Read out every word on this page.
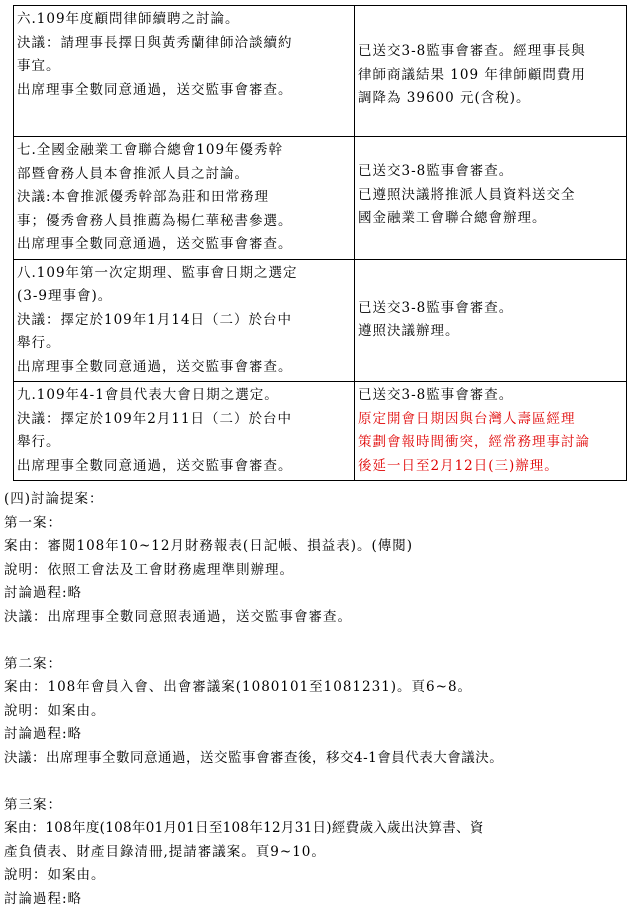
六.109年度顧問律師續聘之討論。
決議：請理事長擇日與黃秀蘭律師洽談續約
事宜。
出席理事全數同意通過，送交監事會審查。	已送交3-8監事會審查。經理事長與
律師商議結果 109 年律師顧問費用
調降為 39600 元(含稅)。

七.全國金融業工會聯合總會109年優秀幹
部暨會務人員本會推派人員之討論。
決議:本會推派優秀幹部為莊和田常務理
事；優秀會務人員推薦為楊仁華秘書參選。
出席理事全數同意通過，送交監事會審查。	已送交3-8監事會審查。
已遵照決議將推派人員資料送交全
國金融業工會聯合總會辦理。

八.109年第一次定期理、監事會日期之選定
(3-9理事會)。
決議：擇定於109年1月14日（二）於台中
舉行。
出席理事全數同意通過，送交監事會審查。	已送交3-8監事會審查。
遵照決議辦理。

九.109年4-1會員代表大會日期之選定。
決議：擇定於109年2月11日（二）於台中
舉行。
出席理事全數同意通過，送交監事會審查。	已送交3-8監事會審查。
原定開會日期因與台灣人壽區經理
策劃會報時間衝突，經常務理事討論
後延一日至2月12日(三)辦理。
(四)討論提案：
第一案：
案由：審閱108年10~12月財務報表(日記帳、損益表)。(傳閱)
說明：依照工會法及工會財務處理準則辦理。
討論過程:略
決議：出席理事全數同意照表通過，送交監事會審查。
第二案：
案由：108年會員入會、出會審議案(1080101至1081231)。頁6~8。
說明：如案由。
討論過程:略
決議：出席理事全數同意通過，送交監事會審查後，移交4-1會員代表大會議決。
第三案：
案由：108年度(108年01月01日至108年12月31日)經費歲入歲出決算書、資
產負債表、財產目錄清冊,提請審議案。頁9~10。
說明：如案由。
討論過程:略
